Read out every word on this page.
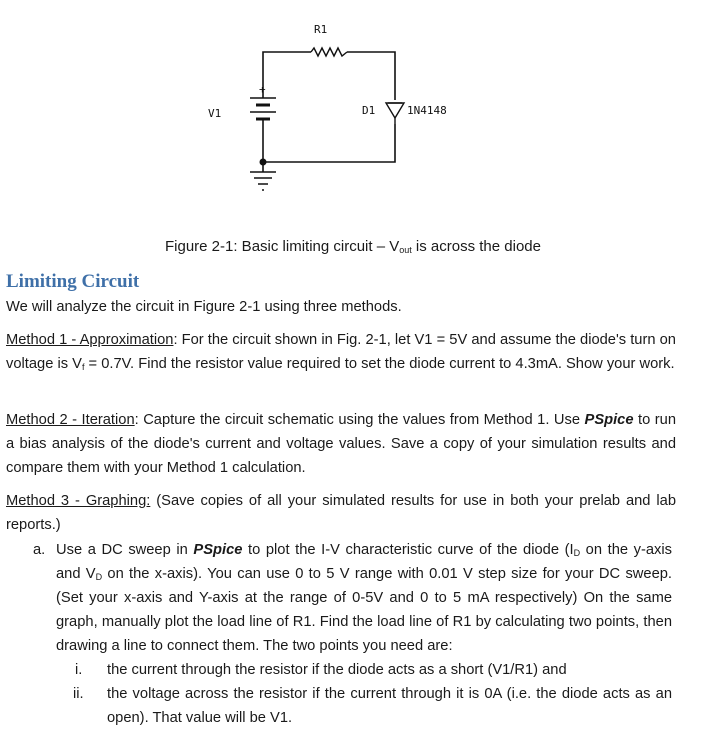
R1
V1
+
D1	1N4148
Figure 2-1: Basic limiting circuit – $V_{out}$ is across the diode
Limiting Circuit
We will analyze the circuit in Figure 2-1 using three methods.
Method 1 - Approximation: For the circuit shown in Fig. 2-1, let V1 = 5V and assume the diode's turn on voltage is $V_f = 0.7V$. Find the resistor value required to set the diode current to 4.3mA. Show your work.
Method 2 - Iteration: Capture the circuit schematic using the values from Method 1. Use PSpice to run a bias analysis of the diode's current and voltage values. Save a copy of your simulation results and compare them with your Method 1 calculation.
Method 3 - Graphing: (Save copies of all your simulated results for use in both your prelab and lab reports.)
a. Use a DC sweep in PSpice to plot the I-V characteristic curve of the diode ($I_D$ on the y-axis and $V_D$ on the x-axis). You can use 0 to 5 V range with 0.01 V step size for your DC sweep. (Set your x-axis and Y-axis at the range of 0-5V and 0 to 5 mA respectively) On the same graph, manually plot the load line of R1. Find the load line of R1 by calculating two points, then drawing a line to connect them. The two points you need are:
i. the current through the resistor if the diode acts as a short (V1/R1) and
ii. the voltage across the resistor if the current through it is 0A (i.e. the diode acts as an open). That value will be V1.
